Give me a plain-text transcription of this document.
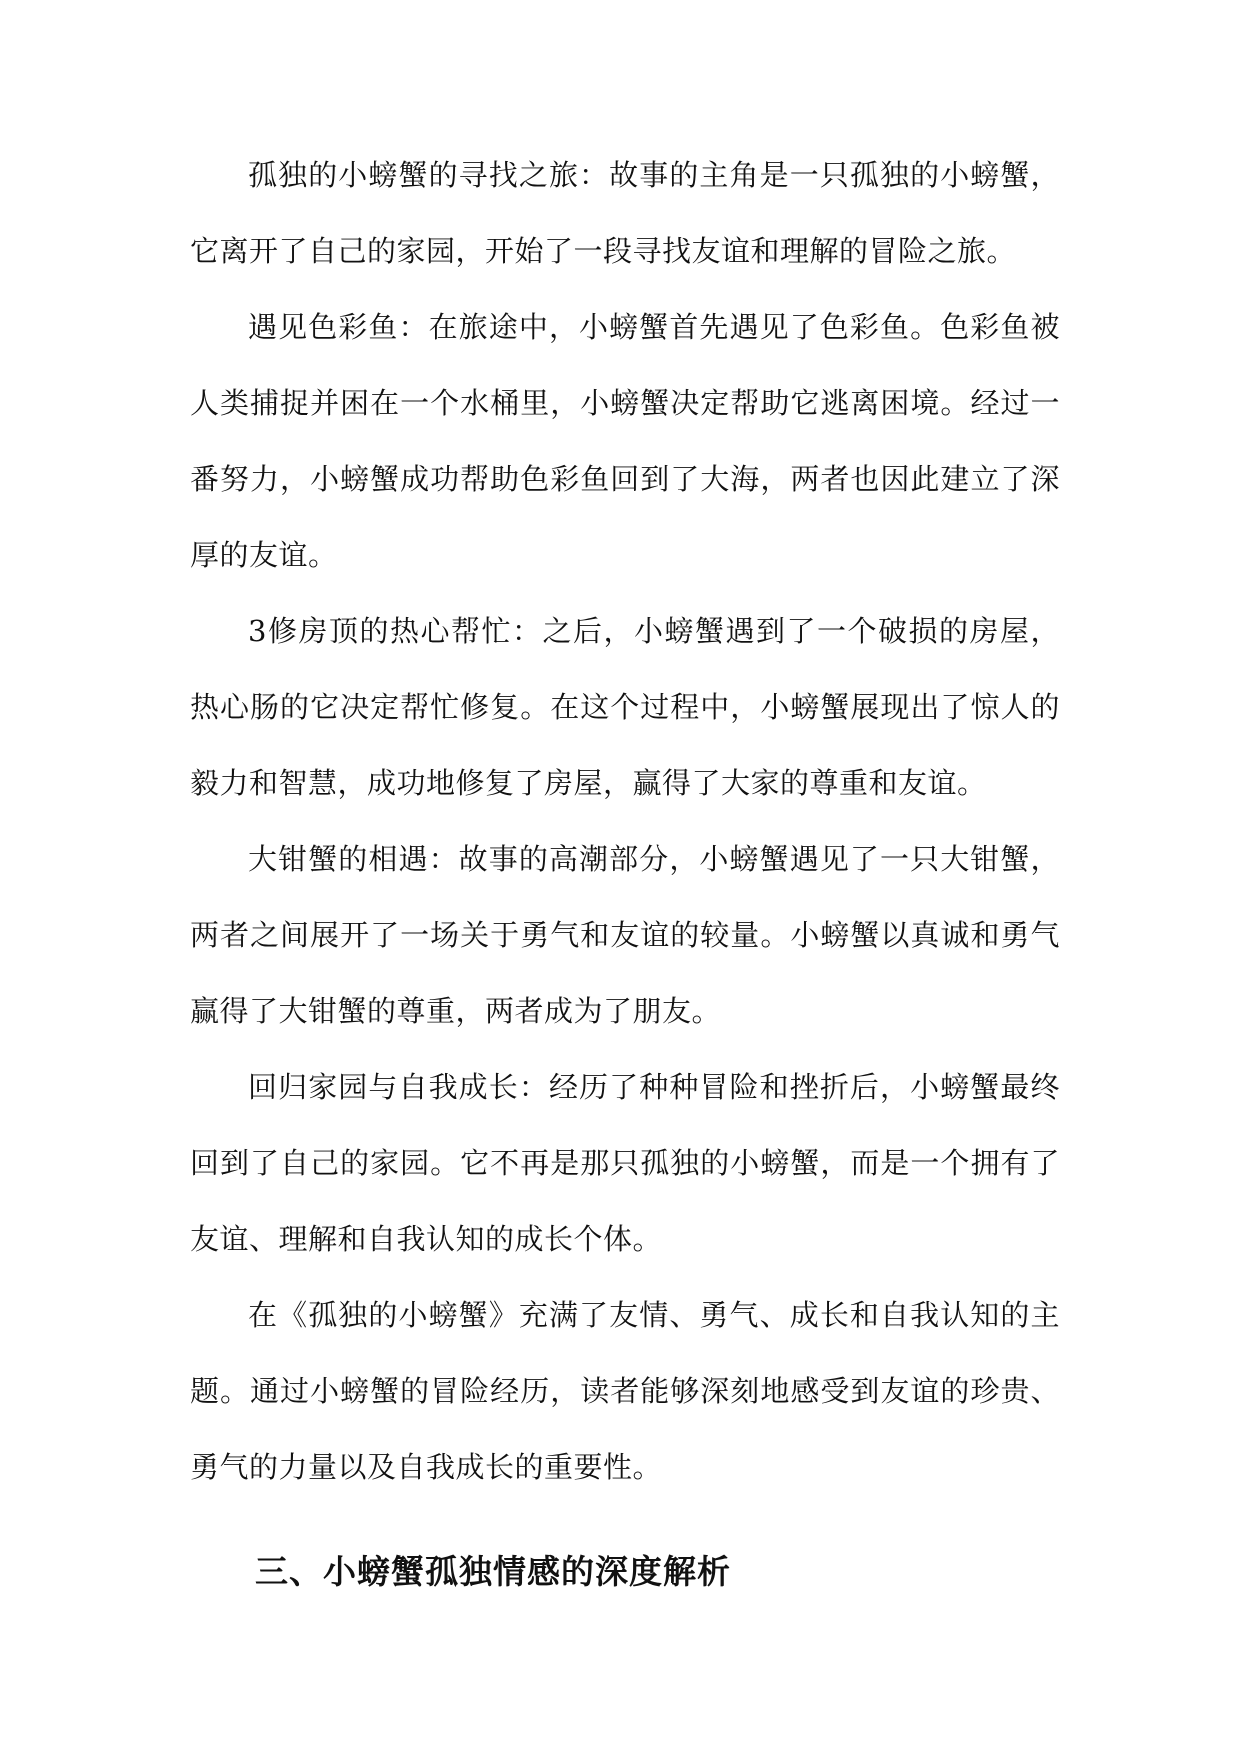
孤独的小螃蟹的寻找之旅：故事的主角是一只孤独的小螃蟹，它离开了自己的家园，开始了一段寻找友谊和理解的冒险之旅。

遇见色彩鱼：在旅途中，小螃蟹首先遇见了色彩鱼。色彩鱼被人类捕捉并困在一个水桶里，小螃蟹决定帮助它逃离困境。经过一番努力，小螃蟹成功帮助色彩鱼回到了大海，两者也因此建立了深厚的友谊。

3修房顶的热心帮忙：之后，小螃蟹遇到了一个破损的房屋，热心肠的它决定帮忙修复。在这个过程中，小螃蟹展现出了惊人的毅力和智慧，成功地修复了房屋，赢得了大家的尊重和友谊。

大钳蟹的相遇：故事的高潮部分，小螃蟹遇见了一只大钳蟹，两者之间展开了一场关于勇气和友谊的较量。小螃蟹以真诚和勇气赢得了大钳蟹的尊重，两者成为了朋友。

回归家园与自我成长：经历了种种冒险和挫折后，小螃蟹最终回到了自己的家园。它不再是那只孤独的小螃蟹，而是一个拥有了友谊、理解和自我认知的成长个体。

在《孤独的小螃蟹》充满了友情、勇气、成长和自我认知的主题。通过小螃蟹的冒险经历，读者能够深刻地感受到友谊的珍贵、勇气的力量以及自我成长的重要性。

三、小螃蟹孤独情感的深度解析
